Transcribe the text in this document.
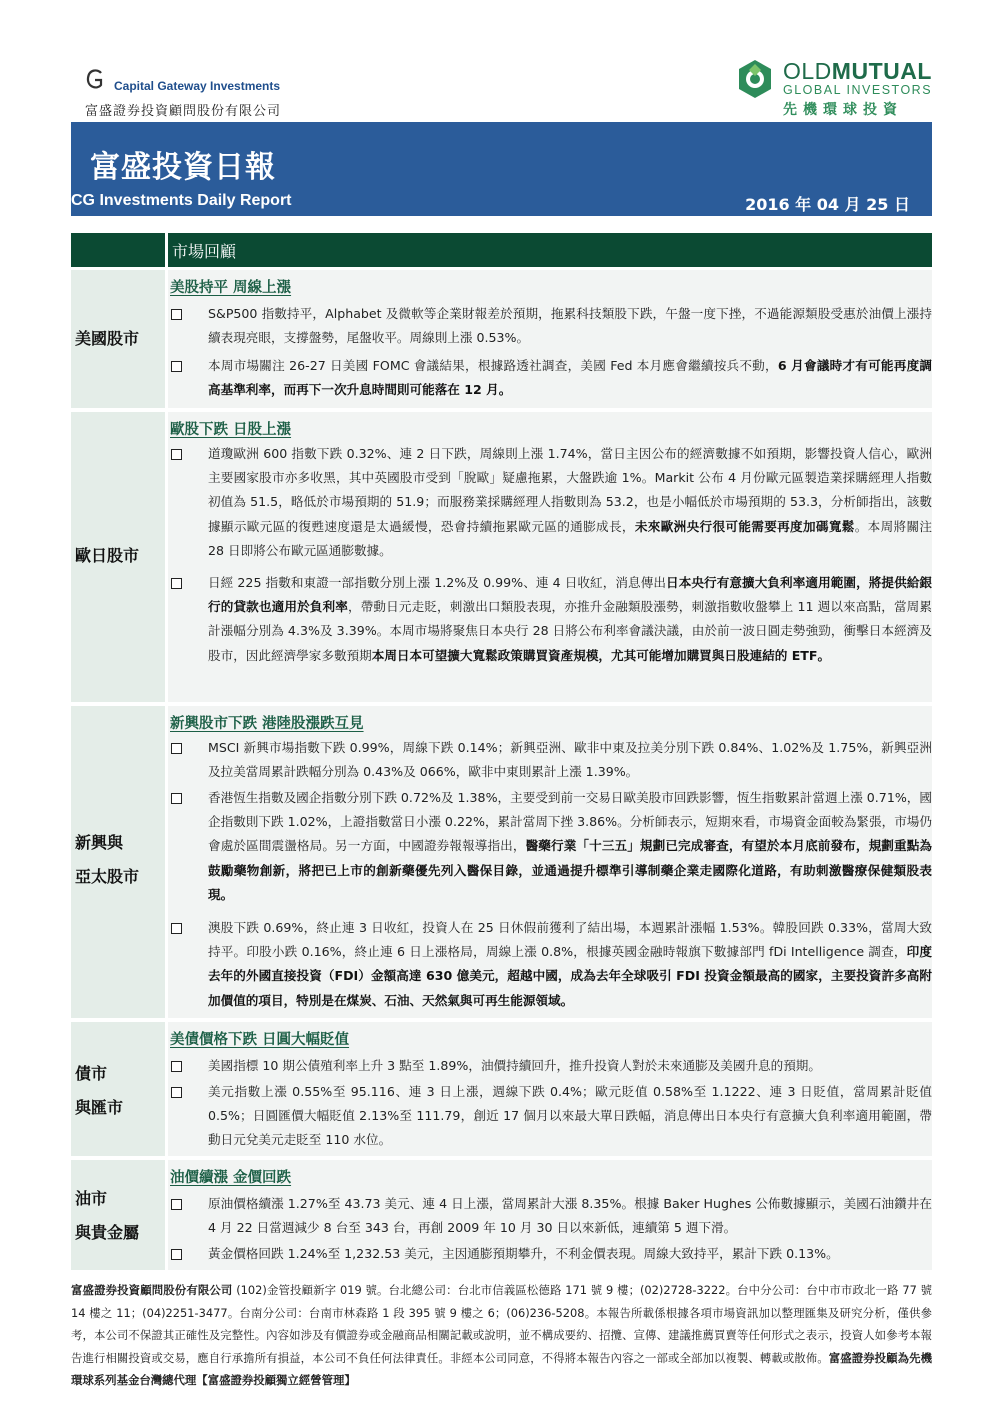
Capital Gateway Investments
富盛證券投資顧問股份有限公司
OLDMUTUAL
GLOBAL INVESTORS
先機環球投資
富盛投資日報
CG Investments Daily Report	2016 年 04 月 25 日
市場回顧
美國股市
美股持平 周線上漲
S&P500 指數持平，Alphabet 及微軟等企業財報差於預期，拖累科技類股下跌，午盤一度下挫，不過能源類股受惠於油價上漲持續表現亮眼，支撐盤勢，尾盤收平。周線則上漲 0.53%。
本周市場關注 26-27 日美國 FOMC 會議結果，根據路透社調查，美國 Fed 本月應會繼續按兵不動，6 月會議時才有可能再度調高基準利率，而再下一次升息時間則可能落在 12 月。
歐日股市
歐股下跌 日股上漲
道瓊歐洲 600 指數下跌 0.32%、連 2 日下跌，周線則上漲 1.74%，當日主因公布的經濟數據不如預期，影響投資人信心，歐洲主要國家股市亦多收黑，其中英國股市受到「脫歐」疑慮拖累，大盤跌逾 1%。Markit 公布 4 月份歐元區製造業採購經理人指數初值為 51.5，略低於市場預期的 51.9；而服務業採購經理人指數則為 53.2，也是小幅低於市場預期的 53.3，分析師指出，該數據顯示歐元區的復甦速度還是太過緩慢，恐會持續拖累歐元區的通膨成長，未來歐洲央行很可能需要再度加碼寬鬆。本周將關注 28 日即將公布歐元區通膨數據。
日經 225 指數和東證一部指數分別上漲 1.2%及 0.99%、連 4 日收紅，消息傳出日本央行有意擴大負利率適用範圍，將提供給銀行的貸款也適用於負利率，帶動日元走貶，刺激出口類股表現，亦推升金融類股漲勢，刺激指數收盤攀上 11 週以來高點，當周累計漲幅分別為 4.3%及 3.39%。本周市場將聚焦日本央行 28 日將公布利率會議決議，由於前一波日圓走勢強勁，衝擊日本經濟及股市，因此經濟學家多數預期本周日本可望擴大寬鬆政策購買資產規模，尤其可能增加購買與日股連結的 ETF。
新興與
亞太股市
新興股市下跌 港陸股漲跌互見
MSCI 新興市場指數下跌 0.99%，周線下跌 0.14%；新興亞洲、歐非中東及拉美分別下跌 0.84%、1.02%及 1.75%，新興亞洲及拉美當周累計跌幅分別為 0.43%及 066%，歐非中東則累計上漲 1.39%。
香港恆生指數及國企指數分別下跌 0.72%及 1.38%，主要受到前一交易日歐美股市回跌影響，恆生指數累計當週上漲 0.71%，國企指數則下跌 1.02%，上證指數當日小漲 0.22%，累計當周下挫 3.86%。分析師表示，短期來看，市場資金面較為緊張，市場仍會處於區間震盪格局。另一方面，中國證券報報導指出，醫藥行業「十三五」規劃已完成審查，有望於本月底前發布，規劃重點為鼓勵藥物創新，將把已上市的創新藥優先列入醫保目錄，並通過提升標準引導制藥企業走國際化道路，有助刺激醫療保健類股表現。
澳股下跌 0.69%，終止連 3 日收紅，投資人在 25 日休假前獲利了結出場，本週累計漲幅 1.53%。韓股回跌 0.33%，當周大致持平。印股小跌 0.16%，終止連 6 日上漲格局，周線上漲 0.8%，根據英國金融時報旗下數據部門 fDi Intelligence 調查，印度去年的外國直接投資（FDI）金額高達 630 億美元，超越中國，成為去年全球吸引 FDI 投資金額最高的國家，主要投資許多高附加價值的項目，特別是在煤炭、石油、天然氣與可再生能源領域。
債市
與匯市
美債價格下跌 日圓大幅貶值
美國指標 10 期公債殖利率上升 3 點至 1.89%，油價持續回升，推升投資人對於未來通膨及美國升息的預期。
美元指數上漲 0.55%至 95.116、連 3 日上漲，週線下跌 0.4%；歐元貶值 0.58%至 1.1222、連 3 日貶值，當周累計貶值 0.5%；日圓匯價大幅貶值 2.13%至 111.79，創近 17 個月以來最大單日跌幅，消息傳出日本央行有意擴大負利率適用範圍，帶動日元兌美元走貶至 110 水位。
油市
與貴金屬
油價續漲 金價回跌
原油價格續漲 1.27%至 43.73 美元、連 4 日上漲，當周累計大漲 8.35%。根據 Baker Hughes 公佈數據顯示，美國石油鑽井在 4 月 22 日當週減少 8 台至 343 台，再創 2009 年 10 月 30 日以來新低，連續第 5 週下滑。
黃金價格回跌 1.24%至 1,232.53 美元，主因通膨預期攀升，不利金價表現。周線大致持平，累計下跌 0.13%。
富盛證券投資顧問股份有限公司 (102)金管投顧新字 019 號。台北總公司：台北市信義區松德路 171 號 9 樓；(02)2728-3222。台中分公司：台中市市政北一路 77 號 14 樓之 11；(04)2251-3477。台南分公司：台南市林森路 1 段 395 號 9 樓之 6；(06)236-5208。本報告所載係根據各項市場資訊加以整理匯集及研究分析，僅供參考，本公司不保證其正確性及完整性。內容如涉及有價證券或金融商品相關記載或說明，並不構成要約、招攬、宣傳、建議推薦買賣等任何形式之表示，投資人如參考本報告進行相關投資或交易，應自行承擔所有損益，本公司不負任何法律責任。非經本公司同意，不得將本報告內容之一部或全部加以複製、轉載或散佈。富盛證券投顧為先機環球系列基金台灣總代理【富盛證券投顧獨立經營管理】
